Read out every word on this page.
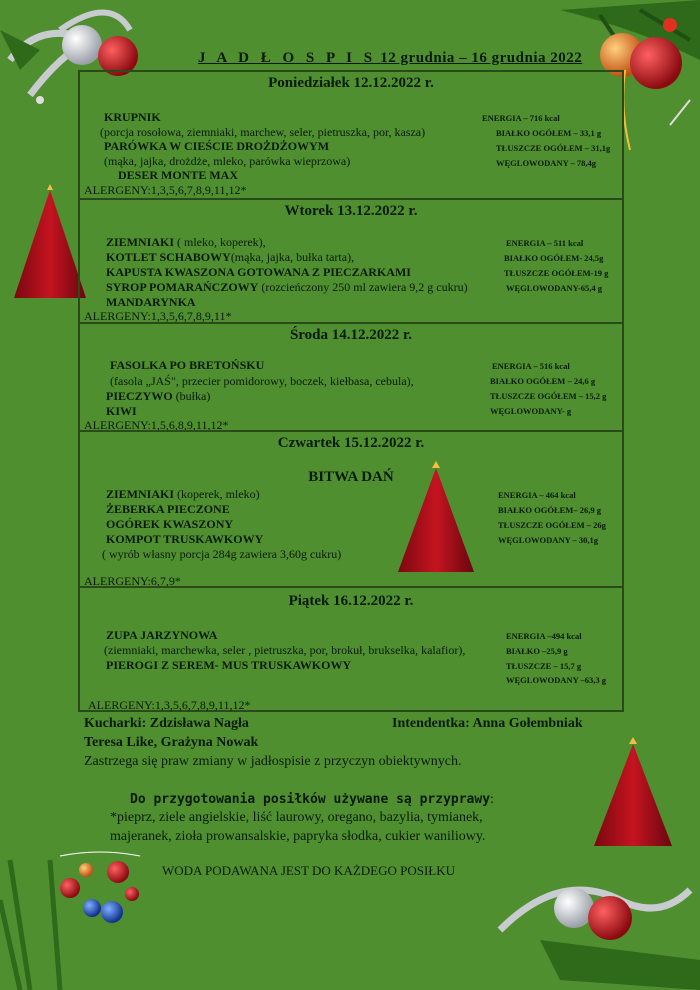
J A D Ł O S P I S 12 grudnia – 16 grudnia 2022
Poniedziałek 12.12.2022 r.
KRUPNIK
(porcja rosołowa, ziemniaki, marchew, seler, pietruszka, por, kasza)
PARÓWKA W CIEŚCIE DROŻDŻOWYM
(mąka, jajka, drożdże, mleko, parówka wieprzowa)
DESER MONTE MAX
ENERGIA – 716 kcal
BIAŁKO OGÓŁEM – 33,1 g
TŁUSZCZE OGÓŁEM – 31,1g
WĘGLOWODANY – 78,4g
ALERGENY:1,3,5,6,7,8,9,11,12*
Wtorek 13.12.2022 r.
ZIEMNIAKI ( mleko, koperek),
KOTLET SCHABOWY(mąka, jajka, bułka tarta),
KAPUSTA KWASZONA GOTOWANA Z PIECZARKAMI
SYROP POMARAŃCZOWY (rozcieńczony 250 ml zawiera 9,2 g cukru)
MANDARYNKA
ENERGIA – 511 kcal
BIAŁKO OGÓŁEM- 24,5g
TŁUSZCZE OGÓŁEM-19 g
WĘGLOWODANY-65,4 g
ALERGENY:1,3,5,6,7,8,9,11*
Środa 14.12.2022 r.
FASOLKA PO BRETOŃSKU
(fasola „JAŚ", przecier pomidorowy, boczek, kiełbasa, cebula),
PIECZYWO (bułka)
KIWI
ENERGIA – 516 kcal
BIAŁKO OGÓŁEM – 24,6 g
TŁUSZCZE OGÓŁEM – 15,2 g
WĘGLOWODANY- g
ALERGENY:1,5,6,8,9,11,12*
Czwartek 15.12.2022 r.
BITWA DAŃ
ZIEMNIAKI (koperek, mleko)
ŻEBERKA PIECZONE
OGÓREK KWASZONY
KOMPOT TRUSKAWKOWY
( wyrób własny porcja 284g zawiera 3,60g cukru)
ENERGIA – 464 kcal
BIAŁKO OGÓŁEM– 26,9 g
TŁUSZCZE OGÓŁEM – 26g
WĘGLOWODANY – 30,1g
ALERGENY:6,7,9*
Piątek 16.12.2022 r.
ZUPA JARZYNOWA
(ziemniaki, marchewka, seler , pietruszka, por, brokuł, brukselka, kalafior),
PIEROGI Z SEREM- MUS TRUSKAWKOWY
ENERGIA –494 kcal
BIAŁKO –25,9 g
TŁUSZCZE – 15,7 g
WĘGLOWODANY –63,3 g
ALERGENY:1,3,5,6,7,8,9,11,12*
Kucharki: Zdzisława Nagła	Intendentka: Anna Gołembniak
Teresa Like, Grażyna Nowak
Zastrzega się praw zmiany w jadłospisie z przyczyn obiektywnych.
Do przygotowania posiłków używane są przyprawy:
*pieprz, ziele angielskie, liść laurowy, oregano, bazylia, tymianek,
majeranek, zioła prowansalskie, papryka słodka, cukier waniliowy.
WODA PODAWANA JEST DO KAŻDEGO POSIŁKU
